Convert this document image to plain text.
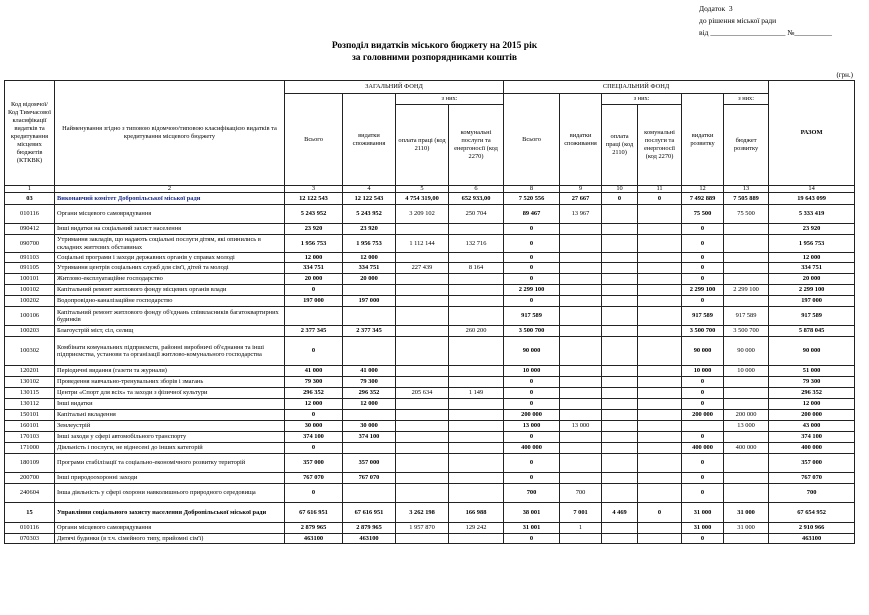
Додаток  3
до рішення міської ради
від ____________________ №__________
Розподіл видатків міського бюджету на 2015 рік
за головними розпорядниками коштів
(грн.)
Код відомчої/Код Тимчасової класифікації видатків та кредитування місцевих бюджетів (КТКВК)	Найменування згідно з типовою відомчою/типовою класифікацією видатків та кредитування місцевого бюджету	ЗАГАЛЬНИЙ ФОНД				СПЕЦІАЛЬНИЙ ФОНД						РАЗОМ
		Всього	видатки споживання	з них:		Всього	видатки споживання	з них:		видатки розвитку	з них:	
				оплата праці (код 2110)	комунальні послуги та енергоносії (код 2270)			оплата праці (код 2110)	комунальні послуги та енергоносії (код 2270)		бюджет розвитку	
1	2	3	4	5	6	8	9	10	11	12	13	14
03	Виконавчий комітет Добропільської міської ради	12 122 543	12 122 543	4 754 319,00	652 933,00	7 520 556	27 667	0	0	7 492 889	7 505 889	19 643 099
010116	Органи місцевого самоврядування	5 243 952	5 243 952	3 209 102	250 704	89 467	13 967			75 500	75 500	5 333 419
090412	Інші видатки на соціальний захист населення	23 920	23 920			0				0		23 920
090700	Утримання закладів, що надають соціальні послуги дітям, які опинились в складних життєвих обставинах	1 956 753	1 956 753	1 112 144	132 716	0				0		1 956 753
091103	Соціальні програми і заходи державних органів у справах молоді	12 000	12 000			0				0		12 000
091105	Утримання центрів соціальних служб для сім'ї, дітей та молоді	334 751	334 751	227 439	8 164	0				0		334 751
100101	Житлово-експлуатаційне господарство	20 000	20 000			0				0		20 000
100102	Капітальний ремонт житлового фонду місцевих органів влади	0				2 299 100				2 299 100	2 299 100	2 299 100
100202	Водопровідно-каналізаційне господарство	197 000	197 000			0				0		197 000
100106	Капітальний ремонт житлового фонду об'єднань співвласників багатоквартирних будинків					917 589				917 589	917 589	917 589
100203	Благоустрій міст, сіл, селищ	2 377 345	2 377 345		260 200	3 500 700				3 500 700	3 500 700	5 878 045
100302	Комбінати комунальних підприємств, районні виробничі об'єднання та інші підприємства, установи та організації житлово-комунального господарства	0				90 000				90 000	90 000	90 000
120201	Періодичні видання (газети та журнали)	41 000	41 000			10 000				10 000	10 000	51 000
130102	Проведення навчально-тренувальних зборів і змагань	79 300	79 300			0				0		79 300
130115	Центри «Спорт для всіх» та заходи з фізичної культури	296 352	296 352	205 634	1 149	0				0		296 352
130112	Інші видатки	12 000	12 000			0				0		12 000
150101	Капітальні вкладення	0				200 000				200 000	200 000	200 000
160101	Землеустрій	30 000	30 000			13 000	13 000				13 000	43 000
170103	Інші заходи у сфері автомобільного транспорту	374 100	374 100			0				0		374 100
171000	Діяльність і послуги, не віднесені до інших категорій	0				400 000				400 000	400 000	400 000
180109	Програми стабілізації та соціально-економічного розвитку територій	357 000	357 000			0				0		357 000
200700	Інші природоохоронні заходи	767 070	767 070			0				0		767 070
240604	Інша діяльність у сфері охорони навколишнього природного середовища	0				700	700			0		700
15	Управління соціального захисту населення Добропільської міської ради	67 616 951	67 616 951	3 262 198	166 988	38 001	7 001	4 469	0	31 000	31 000	67 654 952
010116	Органи місцевого самоврядування	2 879 965	2 879 965	1 957 870	129 242	31 001	1			31 000	31 000	2 910 966
070303	Дитячі будинки (в т.ч. сімейного типу, прийомні сім'ї)	463100	463100			0				0		463100
